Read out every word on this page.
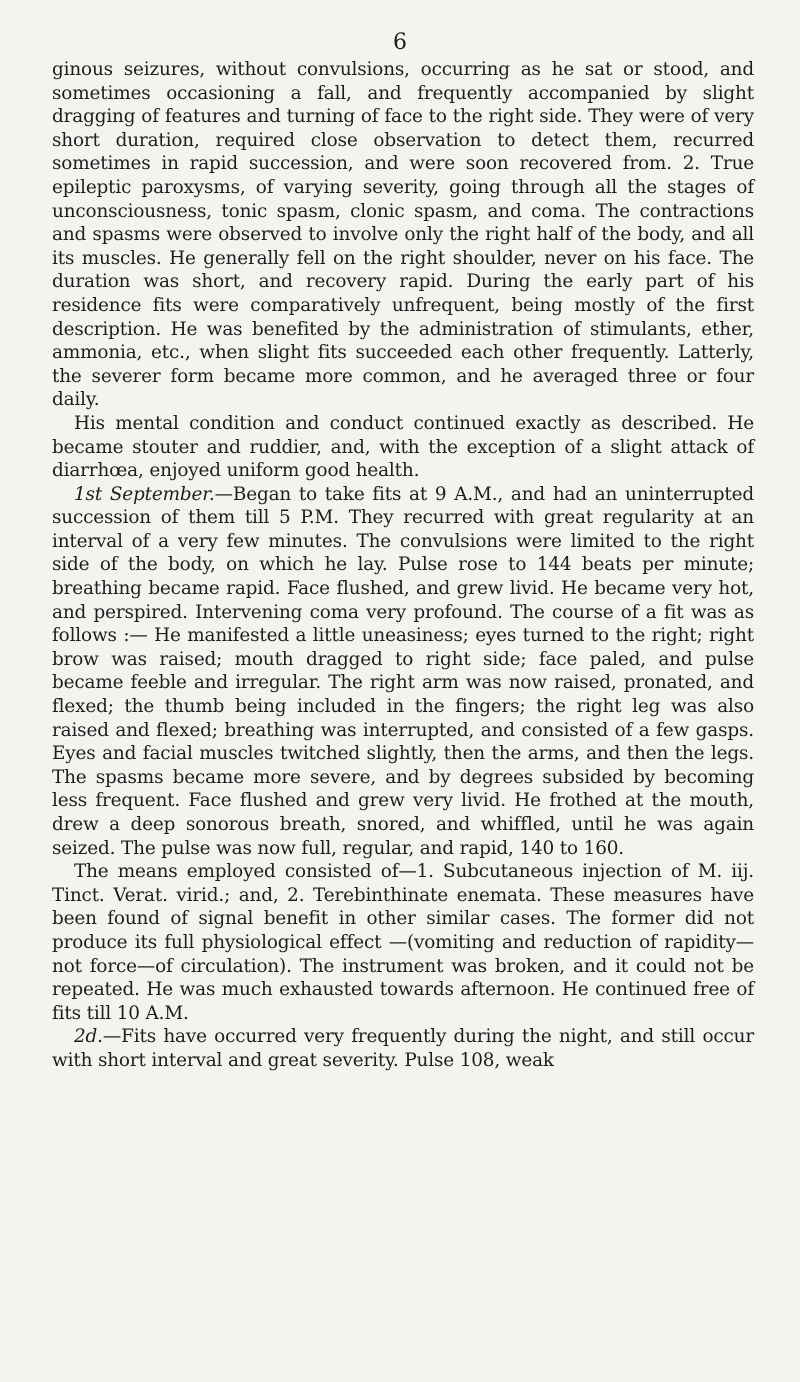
6

ginous seizures, without convulsions, occurring as he sat or stood, and sometimes occasioning a fall, and frequently accompanied by slight dragging of features and turning of face to the right side. They were of very short duration, required close observation to detect them, recurred sometimes in rapid succession, and were soon recovered from. 2. True epileptic paroxysms, of varying severity, going through all the stages of unconsciousness, tonic spasm, clonic spasm, and coma. The contractions and spasms were observed to involve only the right half of the body, and all its muscles. He generally fell on the right shoulder, never on his face. The duration was short, and recovery rapid. During the early part of his residence fits were comparatively unfrequent, being mostly of the first description. He was benefited by the administration of stimulants, ether, ammonia, etc., when slight fits succeeded each other frequently. Latterly, the severer form became more common, and he averaged three or four daily.

His mental condition and conduct continued exactly as described. He became stouter and ruddier, and, with the exception of a slight attack of diarrhœa, enjoyed uniform good health.

1st September.—Began to take fits at 9 A.M., and had an uninterrupted succession of them till 5 P.M. They recurred with great regularity at an interval of a very few minutes. The convulsions were limited to the right side of the body, on which he lay. Pulse rose to 144 beats per minute; breathing became rapid. Face flushed, and grew livid. He became very hot, and perspired. Intervening coma very profound. The course of a fit was as follows :— He manifested a little uneasiness; eyes turned to the right; right brow was raised; mouth dragged to right side; face paled, and pulse became feeble and irregular. The right arm was now raised, pronated, and flexed; the thumb being included in the fingers; the right leg was also raised and flexed; breathing was interrupted, and consisted of a few gasps. Eyes and facial muscles twitched slightly, then the arms, and then the legs. The spasms became more severe, and by degrees subsided by becoming less frequent. Face flushed and grew very livid. He frothed at the mouth, drew a deep sonorous breath, snored, and whiffled, until he was again seized. The pulse was now full, regular, and rapid, 140 to 160.

The means employed consisted of—1. Subcutaneous injection of M. iij. Tinct. Verat. virid.; and, 2. Terebinthinate enemata. These measures have been found of signal benefit in other similar cases. The former did not produce its full physiological effect —(vomiting and reduction of rapidity—not force—of circulation). The instrument was broken, and it could not be repeated. He was much exhausted towards afternoon. He continued free of fits till 10 A.M.

2d.—Fits have occurred very frequently during the night, and still occur with short interval and great severity. Pulse 108, weak
